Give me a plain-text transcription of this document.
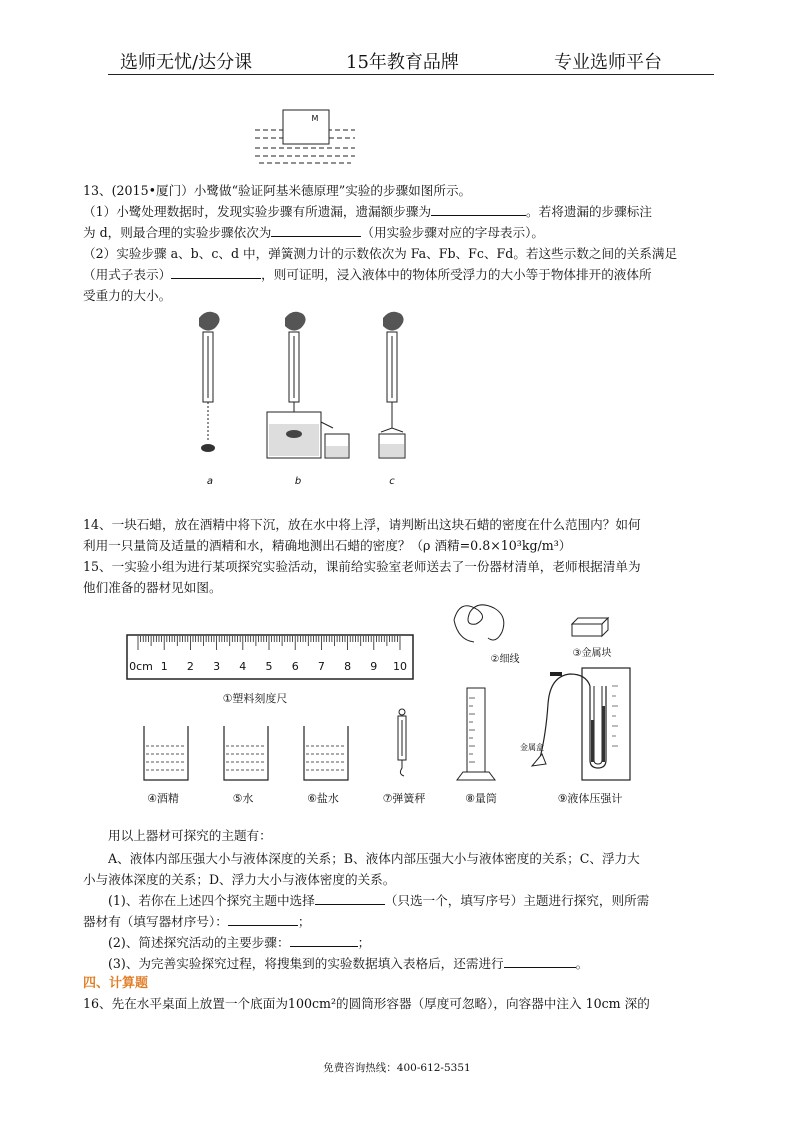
选师无忧/达分课	15年教育品牌	专业选师平台
M
13、(2015•厦门）小鹭做“验证阿基米德原理”实验的步骤如图所示。
（1）小鹭处理数据时，发现实验步骤有所遗漏，遗漏额步骤为	。若将遗漏的步骤标注
为 d，则最合理的实验步骤依次为	（用实验步骤对应的字母表示）。
（2）实验步骤 a、b、c、d 中，弹簧测力计的示数依次为 Fa、Fb、Fc、Fd。若这些示数之间的关系满足
（用式子表示）	，则可证明，浸入液体中的物体所受浮力的大小等于物体排开的液体所
受重力的大小。
a	b	c
14、一块石蜡，放在酒精中将下沉，放在水中将上浮，请判断出这块石蜡的密度在什么范围内？如何
利用一只量筒及适量的酒精和水，精确地测出石蜡的密度？（ρ 酒精=0.8×10³kg/m³）
15、一实验小组为进行某项探究实验活动，课前给实验室老师送去了一份器材清单，老师根据清单为
他们准备的器材见如图。
0cm 1	2	3	4	5	6	7	8	9	10
①塑料刻度尺
②细线
③金属块
④酒精	⑤水	⑥盐水	⑦弹簧秤	⑧量筒
金属盒
⑨液体压强计
用以上器材可探究的主题有：
A、液体内部压强大小与液体深度的关系；B、液体内部压强大小与液体密度的关系；C、浮力大
小与液体深度的关系；D、浮力大小与液体密度的关系。
(1)、若你在上述四个探究主题中选择	（只选一个，填写序号）主题进行探究，则所需
器材有（填写器材序号）：	；
(2)、简述探究活动的主要步骤：	；
(3)、为完善实验探究过程，将搜集到的实验数据填入表格后，还需进行	。
四、计算题
16、先在水平桌面上放置一个底面为100cm²的圆筒形容器（厚度可忽略），向容器中注入 10cm 深的
免费咨询热线：400-612-5351
